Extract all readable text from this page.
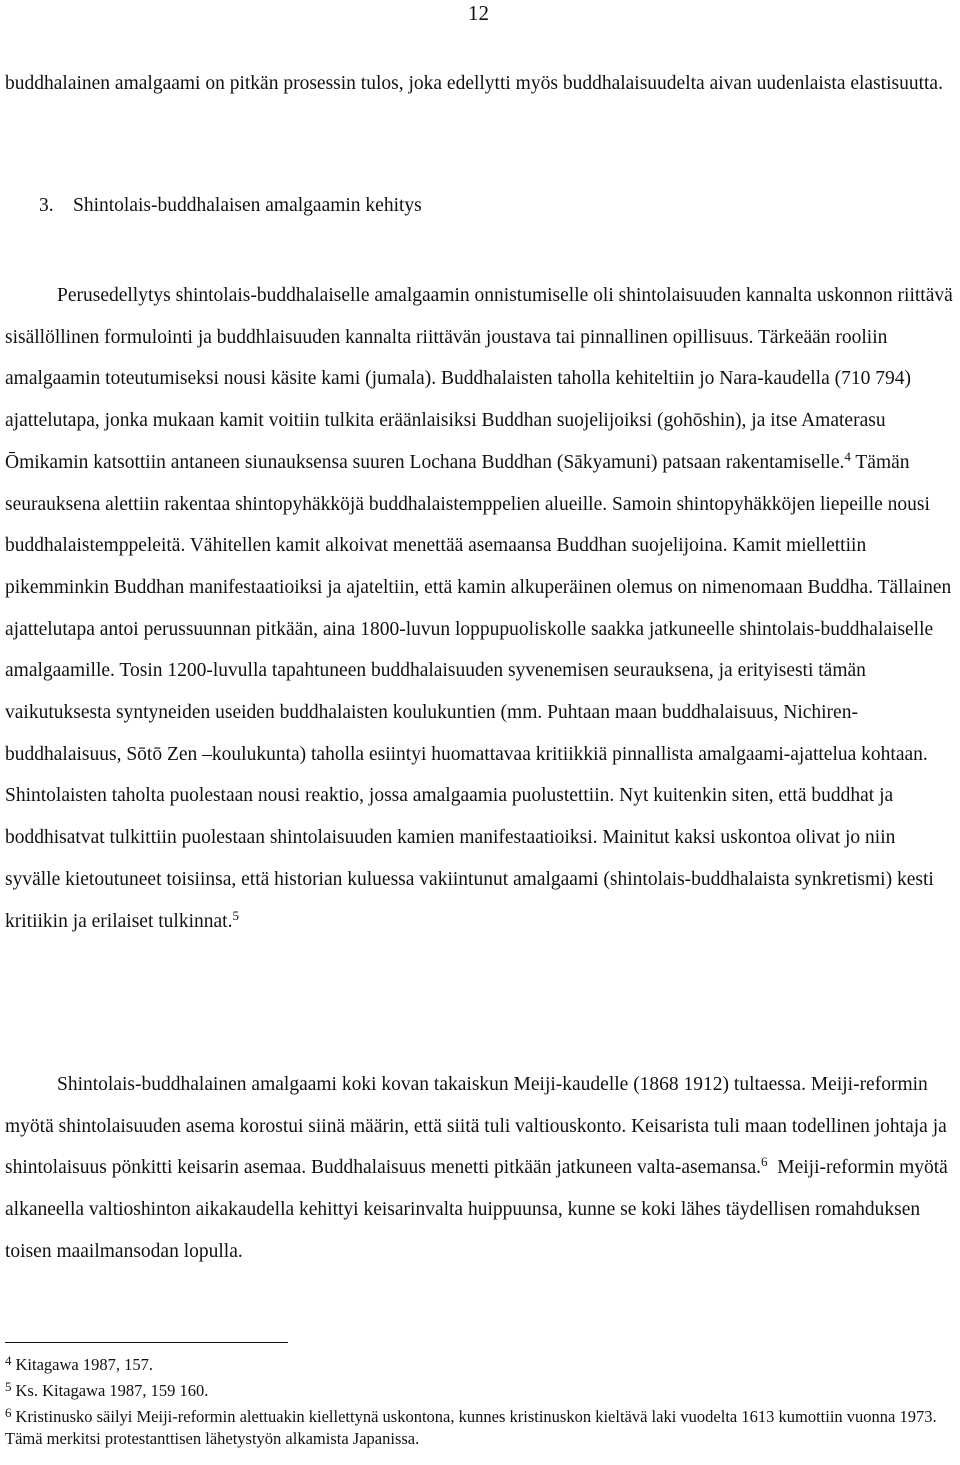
12

buddhalainen amalgaami on pitkän prosessin tulos, joka edellytti myös buddhalaisuudelta aivan uudenlaista elastisuutta.

3. Shintolais-buddhalaisen amalgaamin kehitys

Perusedellytys shintolais-buddhalaiselle amalgaamin onnistumiselle oli shintolaisuuden kannalta uskonnon riittävä sisällöllinen formulointi ja buddhlaisuuden kannalta riittävän joustava tai pinnallinen opillisuus. Tärkeään rooliin amalgaamin toteutumiseksi nousi käsite kami (jumala). Buddhalaisten taholla kehiteltiin jo Nara-kaudella (710 794) ajattelutapa, jonka mukaan kamit voitiin tulkita eräänlaisiksi Buddhan suojelijoiksi (gohōshin), ja itse Amaterasu Ōmikamin katsottiin antaneen siunauksensa suuren Lochana Buddhan (Sākyamuni) patsaan rakentamiselle.$^4$ Tämän seurauksena alettiin rakentaa shintopyhäkköjä buddhalaistemppelien alueille. Samoin shintopyhäkköjen liepeille nousi buddhalaistemppeleitä. Vähitellen kamit alkoivat menettää asemaansa Buddhan suojelijoina. Kamit miellettiin pikemminkin Buddhan manifestaatioiksi ja ajateltiin, että kamin alkuperäinen olemus on nimenomaan Buddha. Tällainen ajattelutapa antoi perussuunnan pitkään, aina 1800-luvun loppupuoliskolle saakka jatkuneelle shintolais-buddhalaiselle amalgaamille. Tosin 1200-luvulla tapahtuneen buddhalaisuuden syvenemisen seurauksena, ja erityisesti tämän vaikutuksesta syntyneiden useiden buddhalaisten koulukuntien (mm. Puhtaan maan buddhalaisuus, Nichiren-buddhalaisuus, Sōtō Zen –koulukunta) taholla esiintyi huomattavaa kritiikkiä pinnallista amalgaami-ajattelua kohtaan. Shintolaisten taholta puolestaan nousi reaktio, jossa amalgaamia puolustettiin. Nyt kuitenkin siten, että buddhat ja boddhisatvat tulkittiin puolestaan shintolaisuuden kamien manifestaatioiksi. Mainitut kaksi uskontoa olivat jo niin syvälle kietoutuneet toisiinsa, että historian kuluessa vakiintunut amalgaami (shintolais-buddhalaista synkretismi) kesti kritiikin ja erilaiset tulkinnat.$^5$

Shintolais-buddhalainen amalgaami koki kovan takaiskun Meiji-kaudelle (1868 1912) tultaessa. Meiji-reformin myötä shintolaisuuden asema korostui siinä määrin, että siitä tuli valtiouskonto. Keisarista tuli maan todellinen johtaja ja shintolaisuus pönkitti keisarin asemaa. Buddhalaisuus menetti pitkään jatkuneen valta-asemansa.$^6$ Meiji-reformin myötä alkaneella valtioshinton aikakaudella kehittyi keisarinvalta huippuunsa, kunne se koki lähes täydellisen romahduksen toisen maailmansodan lopulla.

$^4$ Kitagawa 1987, 157.

$^5$ Ks. Kitagawa 1987, 159 160.

$^6$ Kristinusko säilyi Meiji-reformin alettuakin kiellettynä uskontona, kunnes kristinuskon kieltävä laki vuodelta 1613 kumottiin vuonna 1973. Tämä merkitsi protestanttisen lähetystyön alkamista Japanissa.
